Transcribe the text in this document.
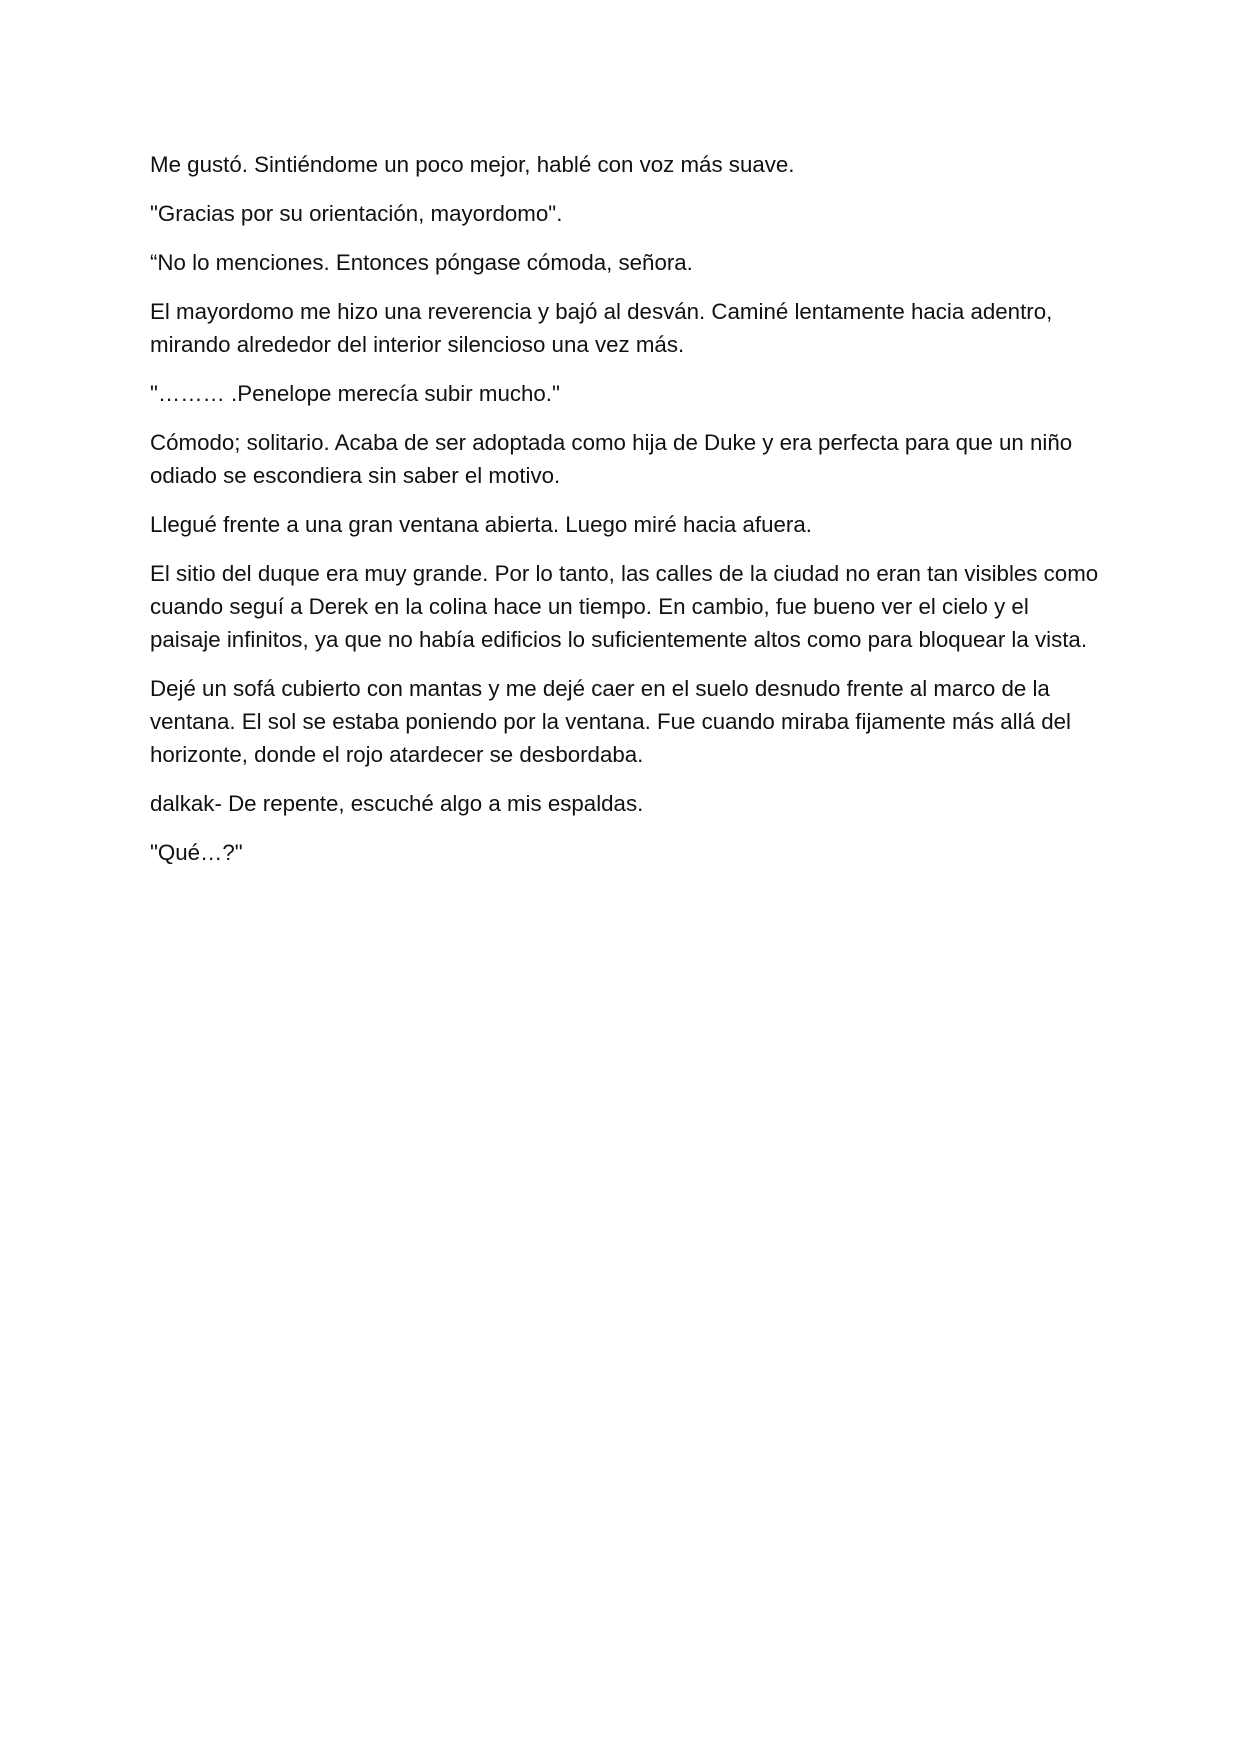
Me gustó. Sintiéndome un poco mejor, hablé con voz más suave.

"Gracias por su orientación, mayordomo".

“No lo menciones. Entonces póngase cómoda, señora.

El mayordomo me hizo una reverencia y bajó al desván. Caminé lentamente hacia adentro, mirando alrededor del interior silencioso una vez más.

"……… .Penelope merecía subir mucho."

Cómodo; solitario. Acaba de ser adoptada como hija de Duke y era perfecta para que un niño odiado se escondiera sin saber el motivo.

Llegué frente a una gran ventana abierta. Luego miré hacia afuera.

El sitio del duque era muy grande. Por lo tanto, las calles de la ciudad no eran tan visibles como cuando seguí a Derek en la colina hace un tiempo. En cambio, fue bueno ver el cielo y el paisaje infinitos, ya que no había edificios lo suficientemente altos como para bloquear la vista.

Dejé un sofá cubierto con mantas y me dejé caer en el suelo desnudo frente al marco de la ventana. El sol se estaba poniendo por la ventana. Fue cuando miraba fijamente más allá del horizonte, donde el rojo atardecer se desbordaba.

dalkak- De repente, escuché algo a mis espaldas.

"Qué…?"
